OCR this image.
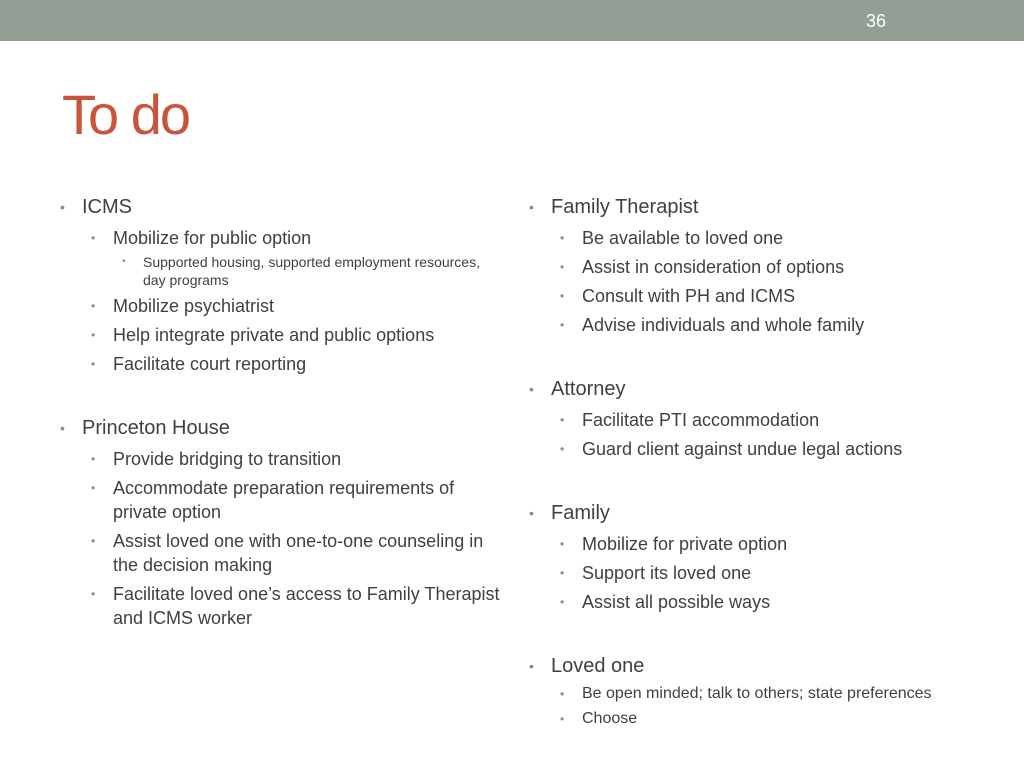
36
To do
• ICMS
• Mobilize for public option
• Supported housing, supported employment resources, day programs
• Mobilize psychiatrist
• Help integrate private and public options
• Facilitate court reporting
• Princeton House
• Provide bridging to transition
• Accommodate preparation requirements of private option
• Assist loved one with one-to-one counseling in the decision making
• Facilitate loved one’s access to Family Therapist and ICMS worker
• Family Therapist
• Be available to loved one
• Assist in consideration of options
• Consult with PH and ICMS
• Advise individuals and whole family
• Attorney
• Facilitate PTI accommodation
• Guard client against undue legal actions
• Family
• Mobilize for private option
• Support its loved one
• Assist all possible ways
• Loved one
• Be open minded; talk to others; state preferences
• Choose
